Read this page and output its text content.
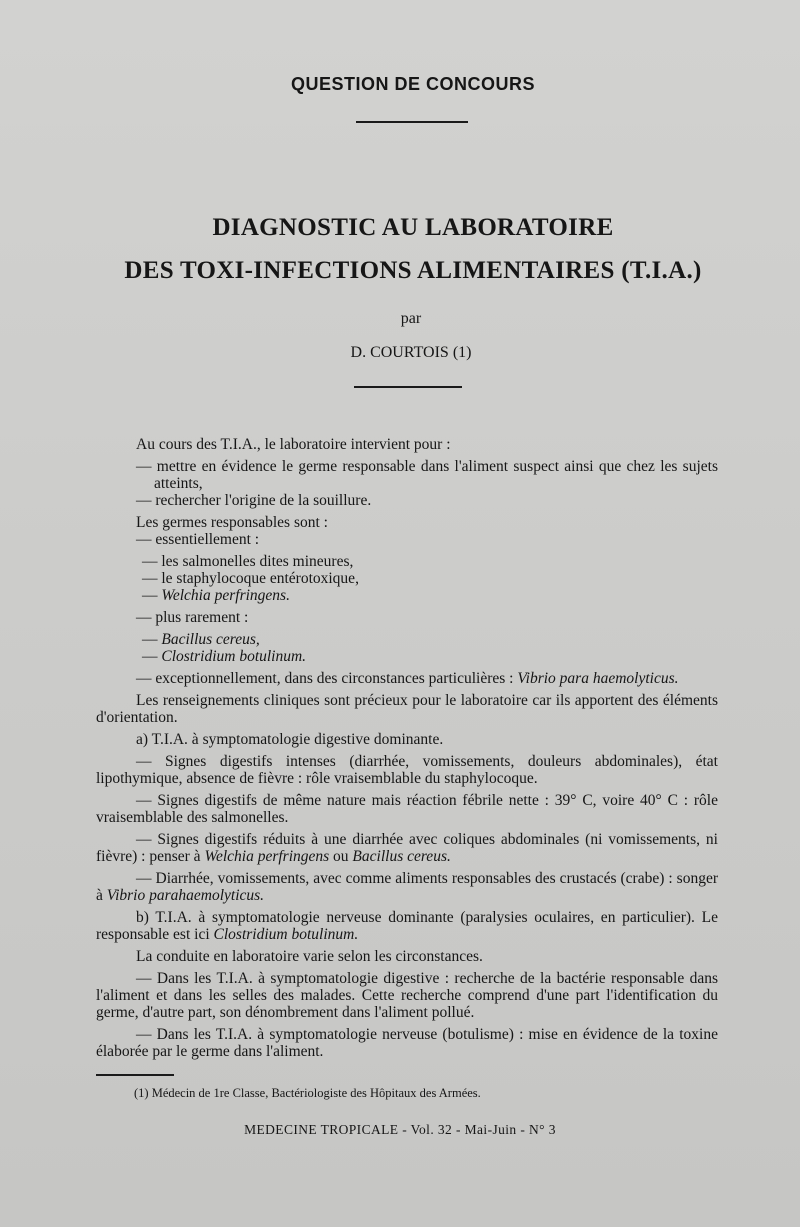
QUESTION DE CONCOURS
DIAGNOSTIC AU LABORATOIRE
DES TOXI-INFECTIONS ALIMENTAIRES (T.I.A.)
par
D. COURTOIS (1)

Au cours des T.I.A., le laboratoire intervient pour :

— mettre en évidence le germe responsable dans l'aliment suspect ainsi que chez les sujets atteints,

— rechercher l'origine de la souillure.

Les germes responsables sont :

— essentiellement :

— les salmonelles dites mineures,

— le staphylocoque entérotoxique,

— Welchia perfringens.

— plus rarement :

— Bacillus cereus,

— Clostridium botulinum.

— exceptionnellement, dans des circonstances particulières : Vibrio para haemolyticus.

Les renseignements cliniques sont précieux pour le laboratoire car ils apportent des éléments d'orientation.

a) T.I.A. à symptomatologie digestive dominante.

— Signes digestifs intenses (diarrhée, vomissements, douleurs abdominales), état lipothymique, absence de fièvre : rôle vraisemblable du staphylocoque.

— Signes digestifs de même nature mais réaction fébrile nette : 39° C, voire 40° C : rôle vraisemblable des salmonelles.

— Signes digestifs réduits à une diarrhée avec coliques abdominales (ni vomissements, ni fièvre) : penser à Welchia perfringens ou Bacillus cereus.

— Diarrhée, vomissements, avec comme aliments responsables des crustacés (crabe) : songer à Vibrio parahaemolyticus.

b) T.I.A. à symptomatologie nerveuse dominante (paralysies oculaires, en particulier). Le responsable est ici Clostridium botulinum.

La conduite en laboratoire varie selon les circonstances.

— Dans les T.I.A. à symptomatologie digestive : recherche de la bactérie responsable dans l'aliment et dans les selles des malades. Cette recherche comprend d'une part l'identification du germe, d'autre part, son dénombrement dans l'aliment pollué.

— Dans les T.I.A. à symptomatologie nerveuse (botulisme) : mise en évidence de la toxine élaborée par le germe dans l'aliment.

(1) Médecin de 1re Classe, Bactériologiste des Hôpitaux des Armées.
MEDECINE TROPICALE - Vol. 32 - Mai-Juin - N° 3
